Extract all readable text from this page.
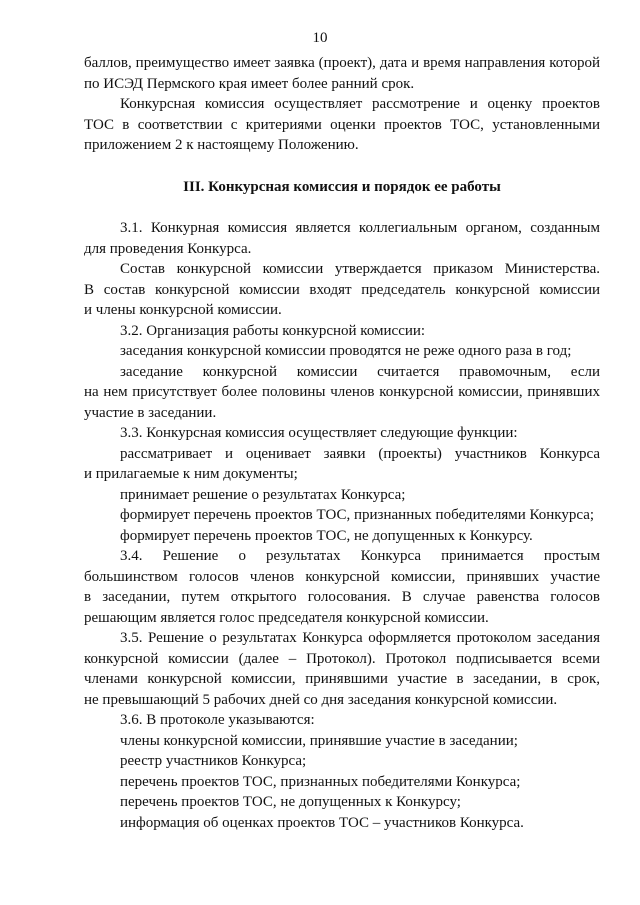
10
баллов, преимущество имеет заявка (проект), дата и время направления которой
по ИСЭД Пермского края имеет более ранний срок.
Конкурсная комиссия осуществляет рассмотрение и оценку проектов
ТОС в соответствии с критериями оценки проектов ТОС, установленными
приложением 2 к настоящему Положению.
III. Конкурсная комиссия и порядок ее работы
3.1. Конкурная комиссия является коллегиальным органом, созданным
для проведения Конкурса.
Состав конкурсной комиссии утверждается приказом Министерства.
В состав конкурсной комиссии входят председатель конкурсной комиссии
и члены конкурсной комиссии.
3.2. Организация работы конкурсной комиссии:
заседания конкурсной комиссии проводятся не реже одного раза в год;
заседание конкурсной комиссии считается правомочным, если
на нем присутствует более половины членов конкурсной комиссии, принявших
участие в заседании.
3.3. Конкурсная комиссия осуществляет следующие функции:
рассматривает и оценивает заявки (проекты) участников Конкурса
и прилагаемые к ним документы;
принимает решение о результатах Конкурса;
формирует перечень проектов ТОС, признанных победителями Конкурса;
формирует перечень проектов ТОС, не допущенных к Конкурсу.
3.4. Решение о результатах Конкурса принимается простым
большинством голосов членов конкурсной комиссии, принявших участие
в заседании, путем открытого голосования. В случае равенства голосов
решающим является голос председателя конкурсной комиссии.
3.5. Решение о результатах Конкурса оформляется протоколом заседания
конкурсной комиссии (далее – Протокол). Протокол подписывается всеми
членами конкурсной комиссии, принявшими участие в заседании, в срок,
не превышающий 5 рабочих дней со дня заседания конкурсной комиссии.
3.6. В протоколе указываются:
члены конкурсной комиссии, принявшие участие в заседании;
реестр участников Конкурса;
перечень проектов ТОС, признанных победителями Конкурса;
перечень проектов ТОС, не допущенных к Конкурсу;
информация об оценках проектов ТОС – участников Конкурса.
